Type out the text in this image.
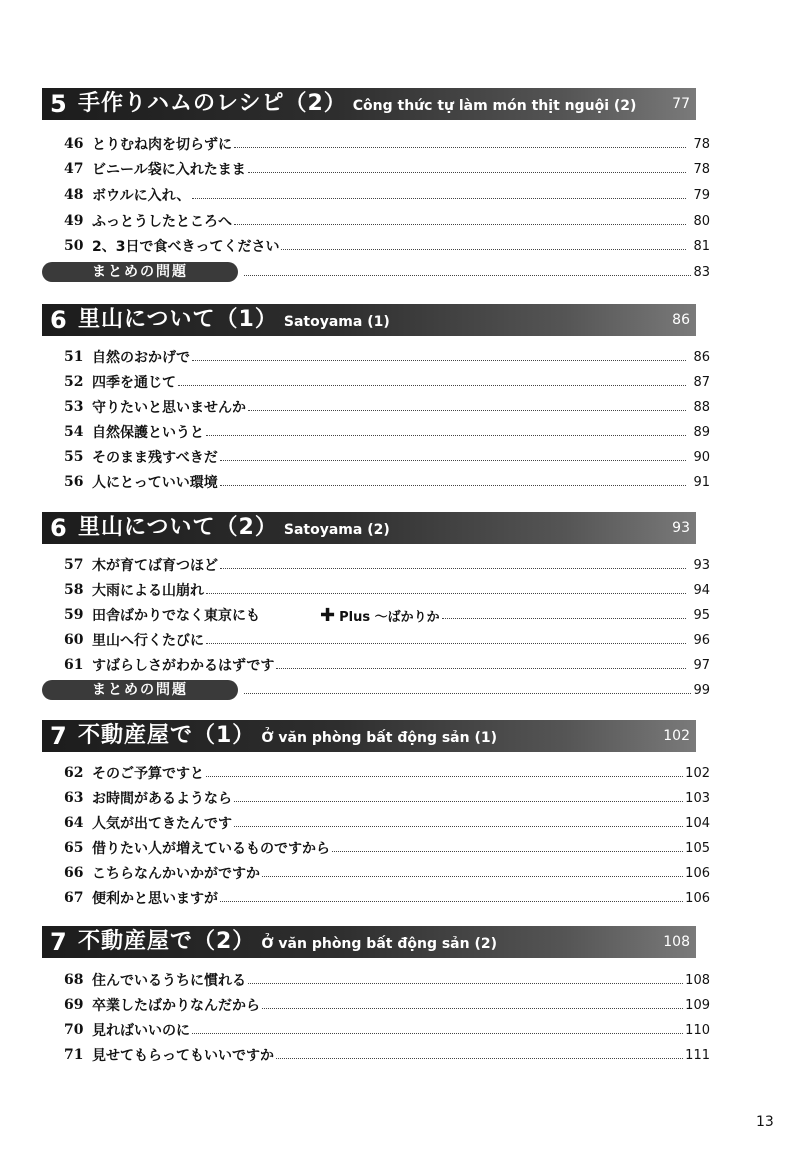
5 手作りハムのレシピ（2） Công thức tự làm món thịt nguội (2)	77
46 とりむね肉を切らずに	78
47 ビニール袋に入れたまま	78
48 ボウルに入れ、	79
49 ふっとうしたところへ	80
50 2、3日で食べきってください	81
まとめの問題	83
6 里山について（1） Satoyama (1)	86
51 自然のおかげで	86
52 四季を通じて	87
53 守りたいと思いませんか	88
54 自然保護というと	89
55 そのまま残すべきだ	90
56 人にとっていい環境	91
6 里山について（2） Satoyama (2)	93
57 木が育てば育つほど	93
58 大雨による山崩れ	94
59 田舎ばかりでなく東京にも	✚ Plus ～ばかりか	95
60 里山へ行くたびに	96
61 すばらしさがわかるはずです	97
まとめの問題	99
7 不動産屋で（1） Ở văn phòng bất động sản (1)	102
62 そのご予算ですと	102
63 お時間があるようなら	103
64 人気が出てきたんです	104
65 借りたい人が増えているものですから	105
66 こちらなんかいかがですか	106
67 便利かと思いますが	106
7 不動産屋で（2） Ở văn phòng bất động sản (2)	108
68 住んでいるうちに慣れる	108
69 卒業したばかりなんだから	109
70 見ればいいのに	110
71 見せてもらってもいいですか	111
13
